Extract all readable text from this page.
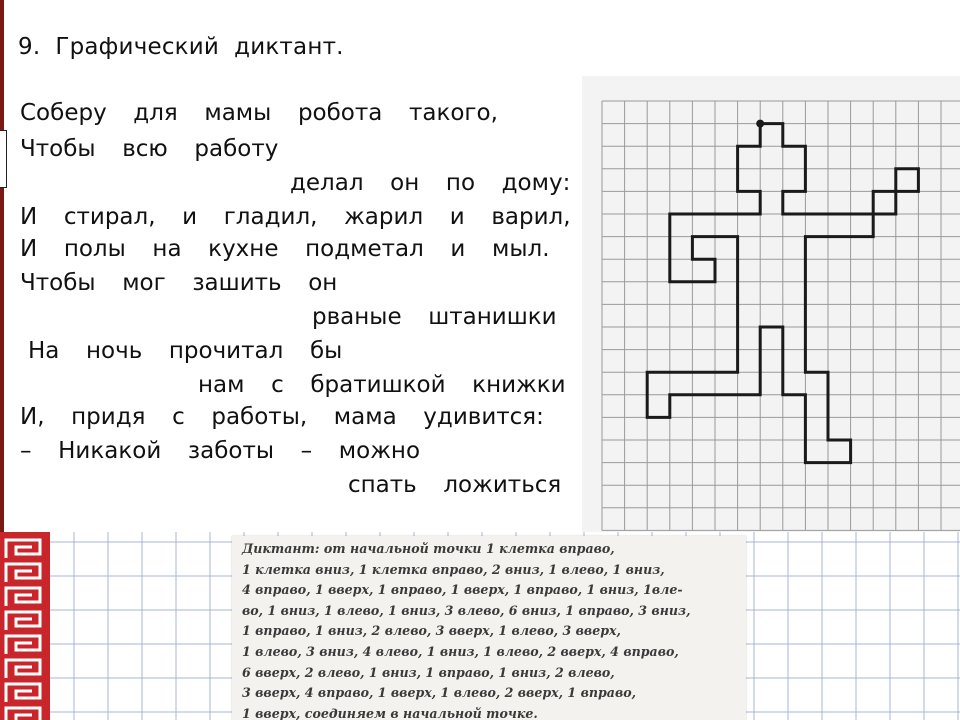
9.  Графический  диктант.
Соберу  для  мамы  робота  такого,
Чтобы  всю  работу
делал  он  по  дому:
И  стирал,  и  гладил,  жарил  и  варил,
И  полы  на  кухне  подметал  и  мыл.
Чтобы  мог  зашить  он
рваные  штанишки
На  ночь  прочитал  бы
нам  с  братишкой  книжки
И,  придя  с  работы,  мама  удивится:
–  Никакой  заботы  –  можно
спать  ложиться
Диктант: от начальной точки 1 клетка вправо,
1 клетка вниз, 1 клетка вправо, 2 вниз, 1 влево, 1 вниз,
4 вправо, 1 вверх, 1 вправо, 1 вверх, 1 вправо, 1 вниз, 1вле-
во, 1 вниз, 1 влево, 1 вниз, 3 влево, 6 вниз, 1 вправо, 3 вниз,
1 вправо, 1 вниз, 2 влево, 3 вверх, 1 влево, 3 вверх,
1 влево, 3 вниз, 4 влево, 1 вниз, 1 влево, 2 вверх, 4 вправо,
6 вверх, 2 влево, 1 вниз, 1 вправо, 1 вниз, 2 влево,
3 вверх, 4 вправо, 1 вверх, 1 влево, 2 вверх, 1 вправо,
1 вверх, соединяем в начальной точке.
